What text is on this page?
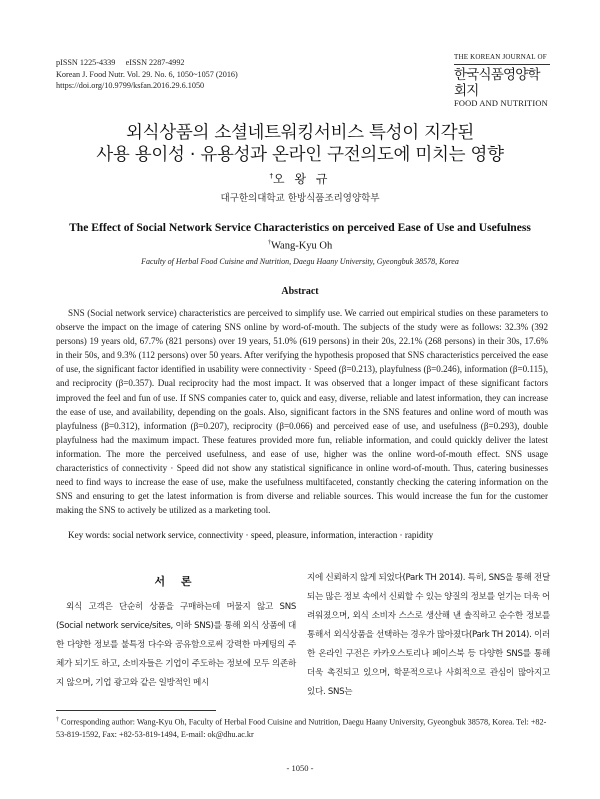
pISSN 1225-4339     eISSN 2287-4992
Korean J. Food Nutr. Vol. 29. No. 6, 1050~1057 (2016)
https://doi.org/10.9799/ksfan.2016.29.6.1050
THE KOREAN JOURNAL OF
한국식품영양학회지
FOOD AND NUTRITION
외식상품의 소셜네트워킹서비스 특성이 지각된
사용 용이성 · 유용성과 온라인 구전의도에 미치는 영향
†오 왕 규
대구한의대학교 한방식품조리영양학부
The Effect of Social Network Service Characteristics on perceived Ease of Use and Usefulness
†Wang-Kyu Oh
Faculty of Herbal Food Cuisine and Nutrition, Daegu Haany University, Gyeongbuk 38578, Korea
Abstract
SNS (Social network service) characteristics are perceived to simplify use. We carried out empirical studies on these parameters to observe the impact on the image of catering SNS online by word-of-mouth. The subjects of the study were as follows: 32.3% (392 persons) 19 years old, 67.7% (821 persons) over 19 years, 51.0% (619 persons) in their 20s, 22.1% (268 persons) in their 30s, 17.6% in their 50s, and 9.3% (112 persons) over 50 years. After verifying the hypothesis proposed that SNS characteristics perceived the ease of use, the significant factor identified in usability were connectivity · Speed (β=0.213), playfulness (β=0.246), information (β=0.115), and reciprocity (β=0.357). Dual reciprocity had the most impact. It was observed that a longer impact of these significant factors improved the feel and fun of use. If SNS companies cater to, quick and easy, diverse, reliable and latest information, they can increase the ease of use, and availability, depending on the goals. Also, significant factors in the SNS features and online word of mouth was playfulness (β=0.312), information (β=0.207), reciprocity (β=0.066) and perceived ease of use, and usefulness (β=0.293), double playfulness had the maximum impact. These features provided more fun, reliable information, and could quickly deliver the latest information. The more the perceived usefulness, and ease of use, higher was the online word-of-mouth effect. SNS usage characteristics of connectivity · Speed did not show any statistical significance in online word-of-mouth. Thus, catering businesses need to find ways to increase the ease of use, make the usefulness multifaceted, constantly checking the catering information on the SNS and ensuring to get the latest information is from diverse and reliable sources. This would increase the fun for the customer making the SNS to actively be utilized as a marketing tool.
Key words: social network service, connectivity · speed, pleasure, information, interaction · rapidity
서 론
외식 고객은 단순히 상품을 구매하는데 머물지 않고 SNS (Social network service/sites, 이하 SNS)를 통해 외식 상품에 대한 다양한 정보를 불특정 다수와 공유함으로써 강력한 마케팅의 주체가 되기도 하고, 소비자들은 기업이 주도하는 정보에 모두 의존하지 않으며, 기업 광고와 같은 일방적인 메시
지에 신뢰하지 않게 되었다(Park TH 2014). 특히, SNS을 통해 전달되는 많은 정보 속에서 신뢰할 수 있는 양질의 정보를 얻기는 더욱 어려워졌으며, 외식 소비자 스스로 생산해 낸 솔직하고 순수한 정보를 통해서 외식상품을 선택하는 경우가 많아졌다(Park TH 2014). 이러한 온라인 구전은 카카오스토리나 페이스북 등 다양한 SNS를 통해 더욱 촉진되고 있으며, 학문적으로나 사회적으로 관심이 많아지고 있다. SNS는
† Corresponding author: Wang-Kyu Oh, Faculty of Herbal Food Cuisine and Nutrition, Daegu Haany University, Gyeongbuk 38578, Korea. Tel: +82-53-819-1592, Fax: +82-53-819-1494, E-mail: ok@dhu.ac.kr
- 1050 -
